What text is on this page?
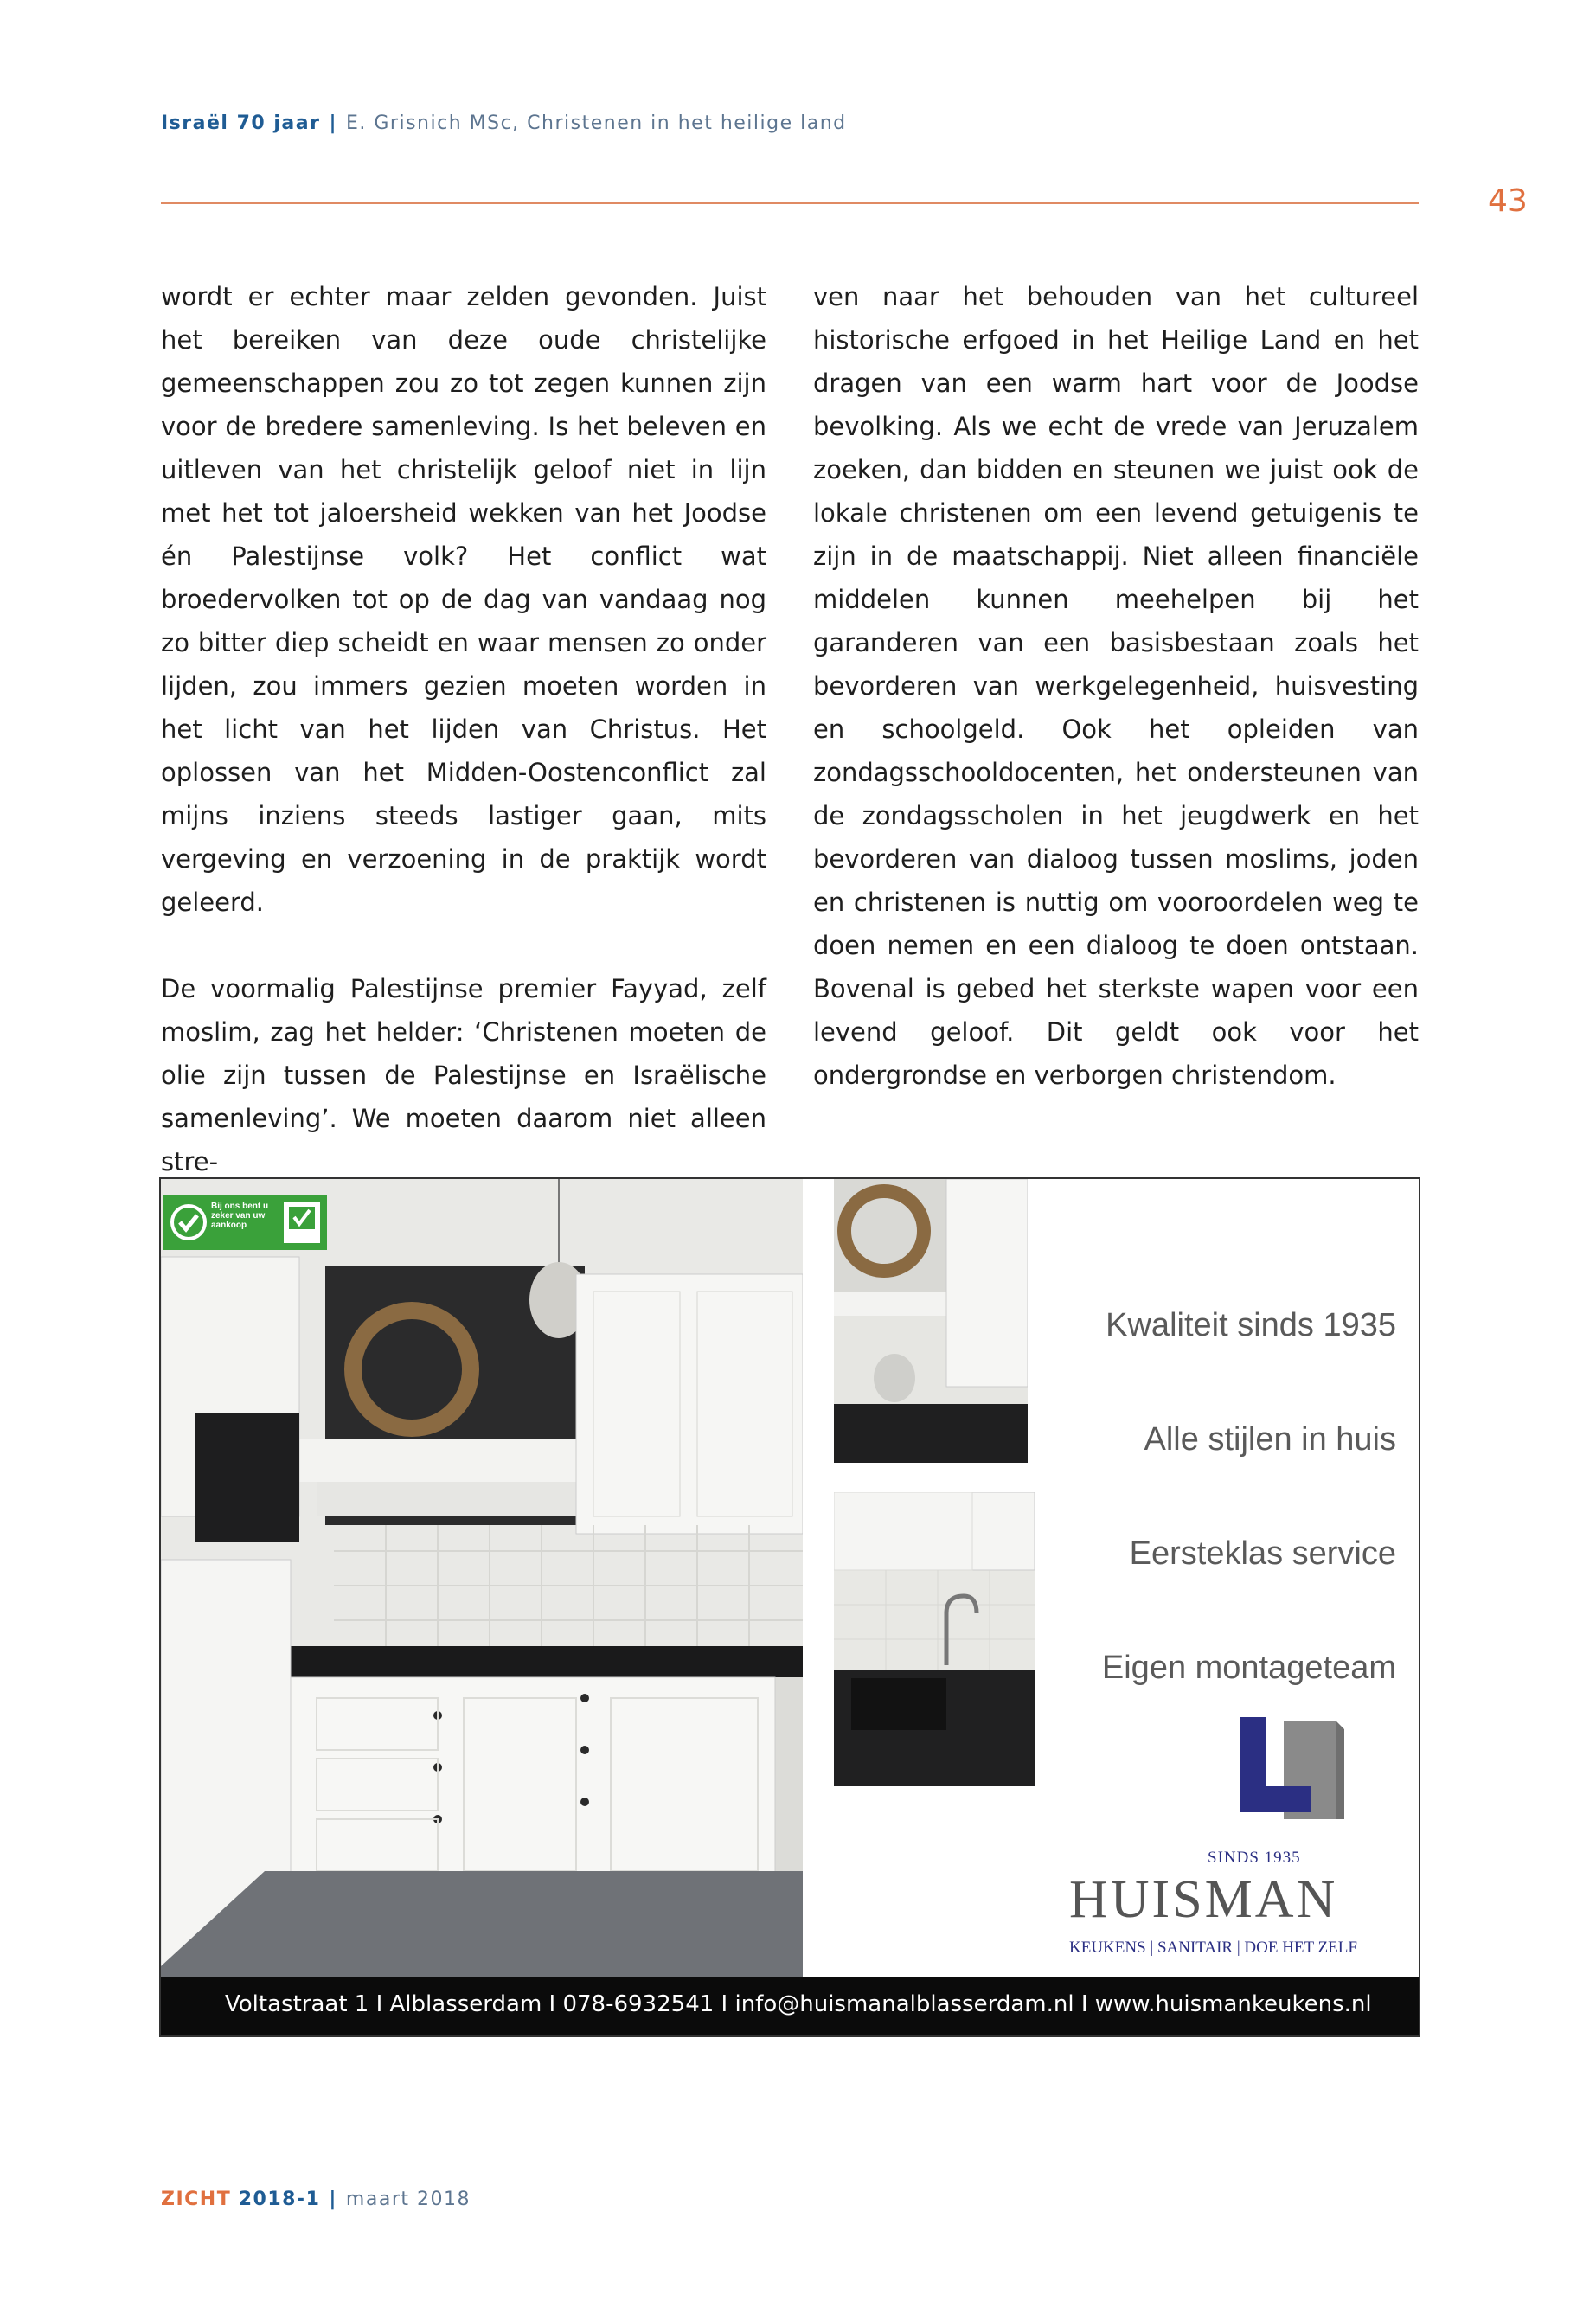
Israël 70 jaar | E. Grisnich MSc, Christenen in het heilige land
43

wordt er echter maar zelden gevonden. Juist het bereiken van deze oude christelijke gemeenschappen zou zo tot zegen kunnen zijn voor de bredere samenleving. Is het beleven en uitleven van het christelijk geloof niet in lijn met het tot jaloersheid wekken van het Joodse én Palestijnse volk? Het conflict wat broedervolken tot op de dag van vandaag nog zo bitter diep scheidt en waar mensen zo onder lijden, zou immers gezien moeten worden in het licht van het lijden van Christus. Het oplossen van het Midden-Oostenconflict zal mijns inziens steeds lastiger gaan, mits vergeving en verzoening in de praktijk wordt geleerd.

De voormalig Palestijnse premier Fayyad, zelf moslim, zag het helder: ‘Christenen moeten de olie zijn tussen de Palestijnse en Israëlische samenleving’. We moeten daarom niet alleen stre-

ven naar het behouden van het cultureel historische erfgoed in het Heilige Land en het dragen van een warm hart voor de Joodse bevolking. Als we echt de vrede van Jeruzalem zoeken, dan bidden en steunen we juist ook de lokale christenen om een levend getuigenis te zijn in de maatschappij. Niet alleen financiële middelen kunnen meehelpen bij het garanderen van een basisbestaan zoals het bevorderen van werkgelegenheid, huisvesting en schoolgeld. Ook het opleiden van zondagsschooldocenten, het ondersteunen van de zondagsscholen in het jeugdwerk en het bevorderen van dialoog tussen moslims, joden en christenen is nuttig om vooroordelen weg te doen nemen en een dialoog te doen ontstaan. Bovenal is gebed het sterkste wapen voor een levend geloof. Dit geldt ook voor het ondergrondse en verborgen christendom.

Bij ons bent u zeker van uw aankoop
Kwaliteit sinds 1935
Alle stijlen in huis
Eersteklas service
Eigen montageteam
SINDS 1935
HUISMAN
KEUKENS | SANITAIR | DOE HET ZELF
Voltastraat 1 I Alblasserdam I 078-6932541 I info@huismanalblasserdam.nl I www.huismankeukens.nl
ZICHT 2018-1 | maart 2018
